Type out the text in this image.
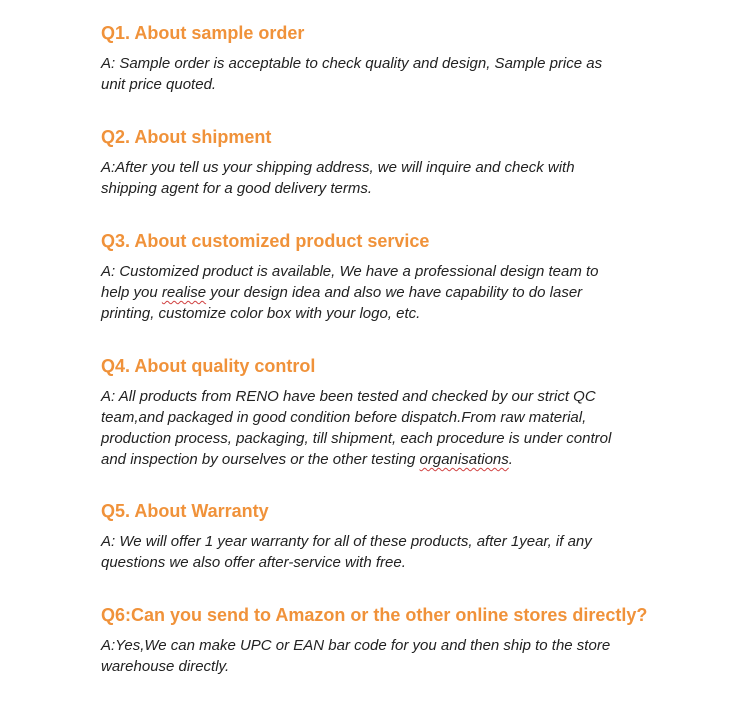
Q1. About sample order
A: Sample order is acceptable to check quality and design, Sample price as
unit price quoted.
Q2. About shipment
A:After you tell us your shipping address, we will inquire and check with
shipping agent for a good delivery terms.
Q3. About customized product service
A: Customized product is available, We have a professional design team to
help you realise your design idea and also we have capability to do laser
printing, customize color box with your logo, etc.
Q4. About quality control
A: All products from RENO have been tested and checked by our strict QC
team,and packaged in good condition before dispatch.From raw material,
production process, packaging, till shipment, each procedure is under control
and inspection by ourselves or the other testing organisations.
Q5. About Warranty
A: We will offer 1 year warranty for all of these products, after 1year, if any
questions we also offer after-service with free.
Q6:Can you send to Amazon or the other online stores directly?
A:Yes,We can make UPC or EAN bar code for you and then ship to the store
warehouse directly.
